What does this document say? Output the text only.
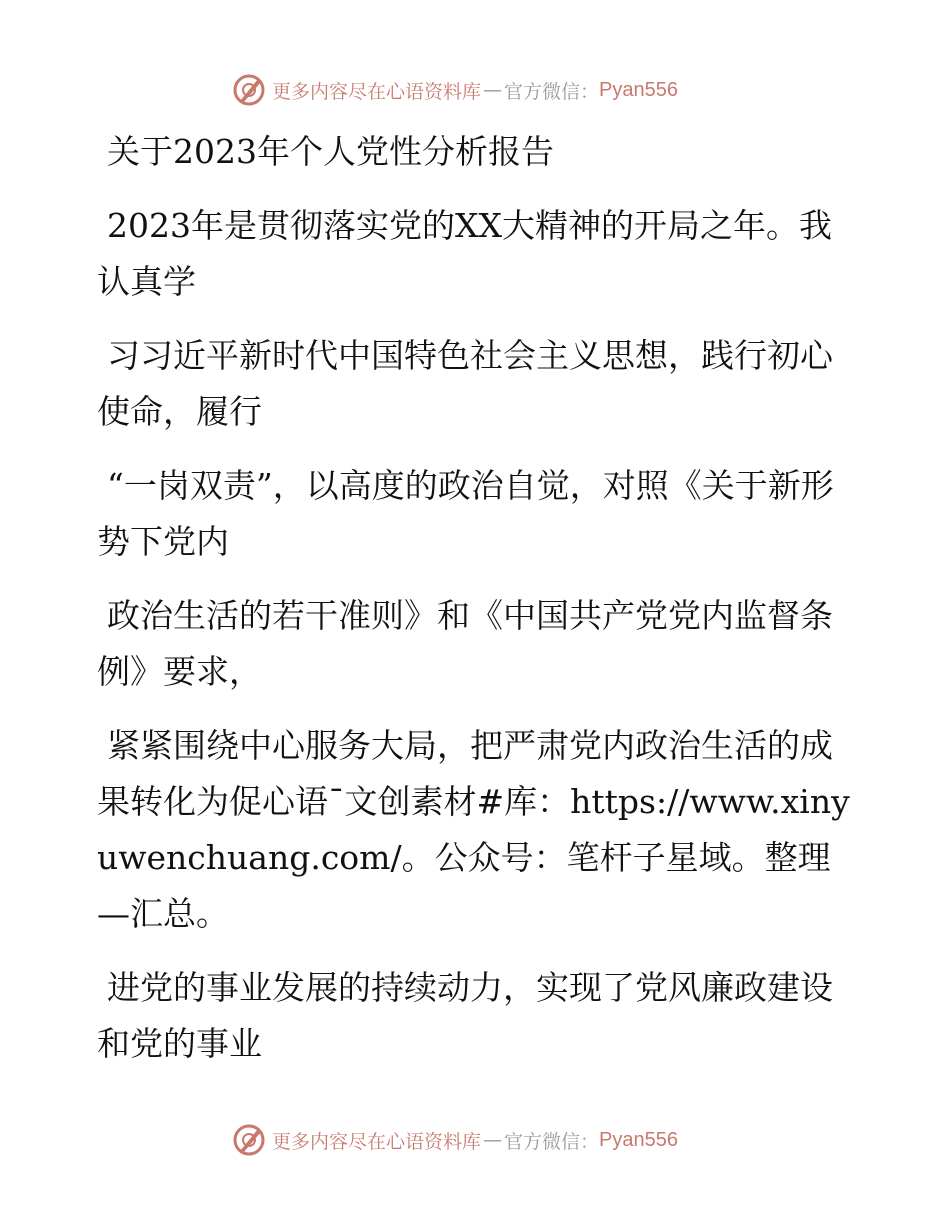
更多内容尽在心语资料库 — 官方微信： Pyan556

关于2023年个人党性分析报告

2023年是贯彻落实党的XX大精神的开局之年。我认真学

习习近平新时代中国特色社会主义思想，践行初心使命，履行

“一岗双责”，以高度的政治自觉，对照《关于新形势下党内

政治生活的若干准则》和《中国共产党党内监督条例》要求，

紧紧围绕中心服务大局，把严肃党内政治生活的成果转化为促心语¯文创素材#库：https://www.xinyuwenchuang.com/。公众号：笔杆子星域。整理—汇总。

进党的事业发展的持续动力，实现了党风廉政建设和党的事业

更多内容尽在心语资料库 — 官方微信： Pyan556
